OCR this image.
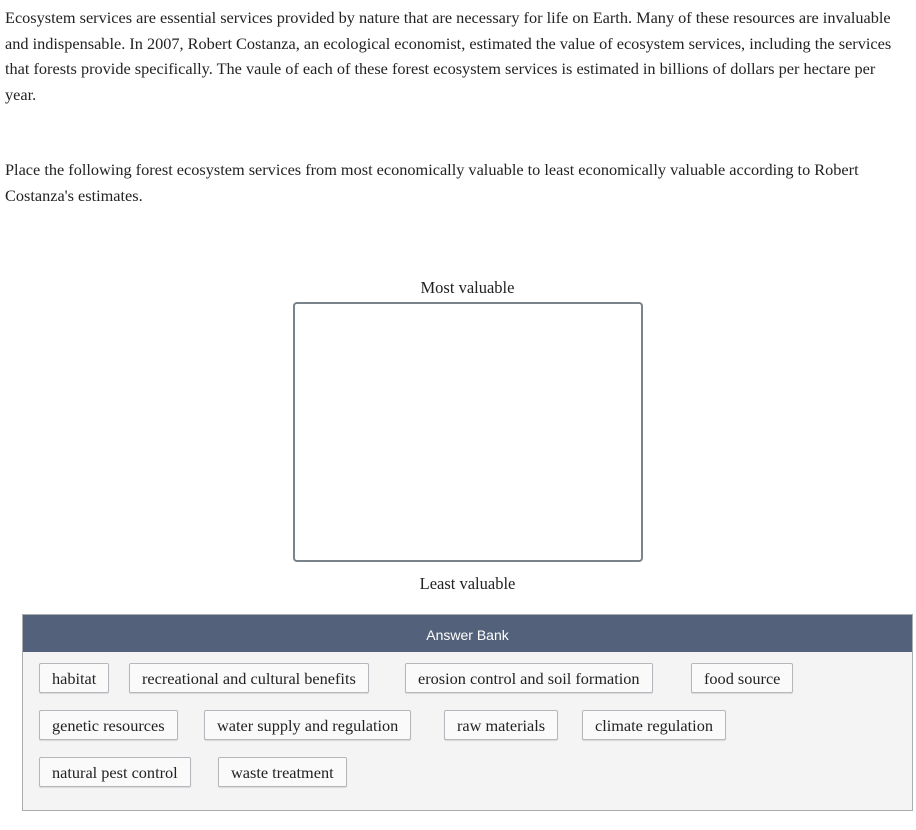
Ecosystem services are essential services provided by nature that are necessary for life on Earth. Many of these resources are invaluable and indispensable. In 2007, Robert Costanza, an ecological economist, estimated the value of ecosystem services, including the services that forests provide specifically. The vaule of each of these forest ecosystem services is estimated in billions of dollars per hectare per year.

Place the following forest ecosystem services from most economically valuable to least economically valuable according to Robert Costanza's estimates.

Most valuable
Least valuable
Answer Bank
habitat	recreational and cultural benefits	erosion control and soil formation	food source
genetic resources	water supply and regulation	raw materials	climate regulation
natural pest control	waste treatment
